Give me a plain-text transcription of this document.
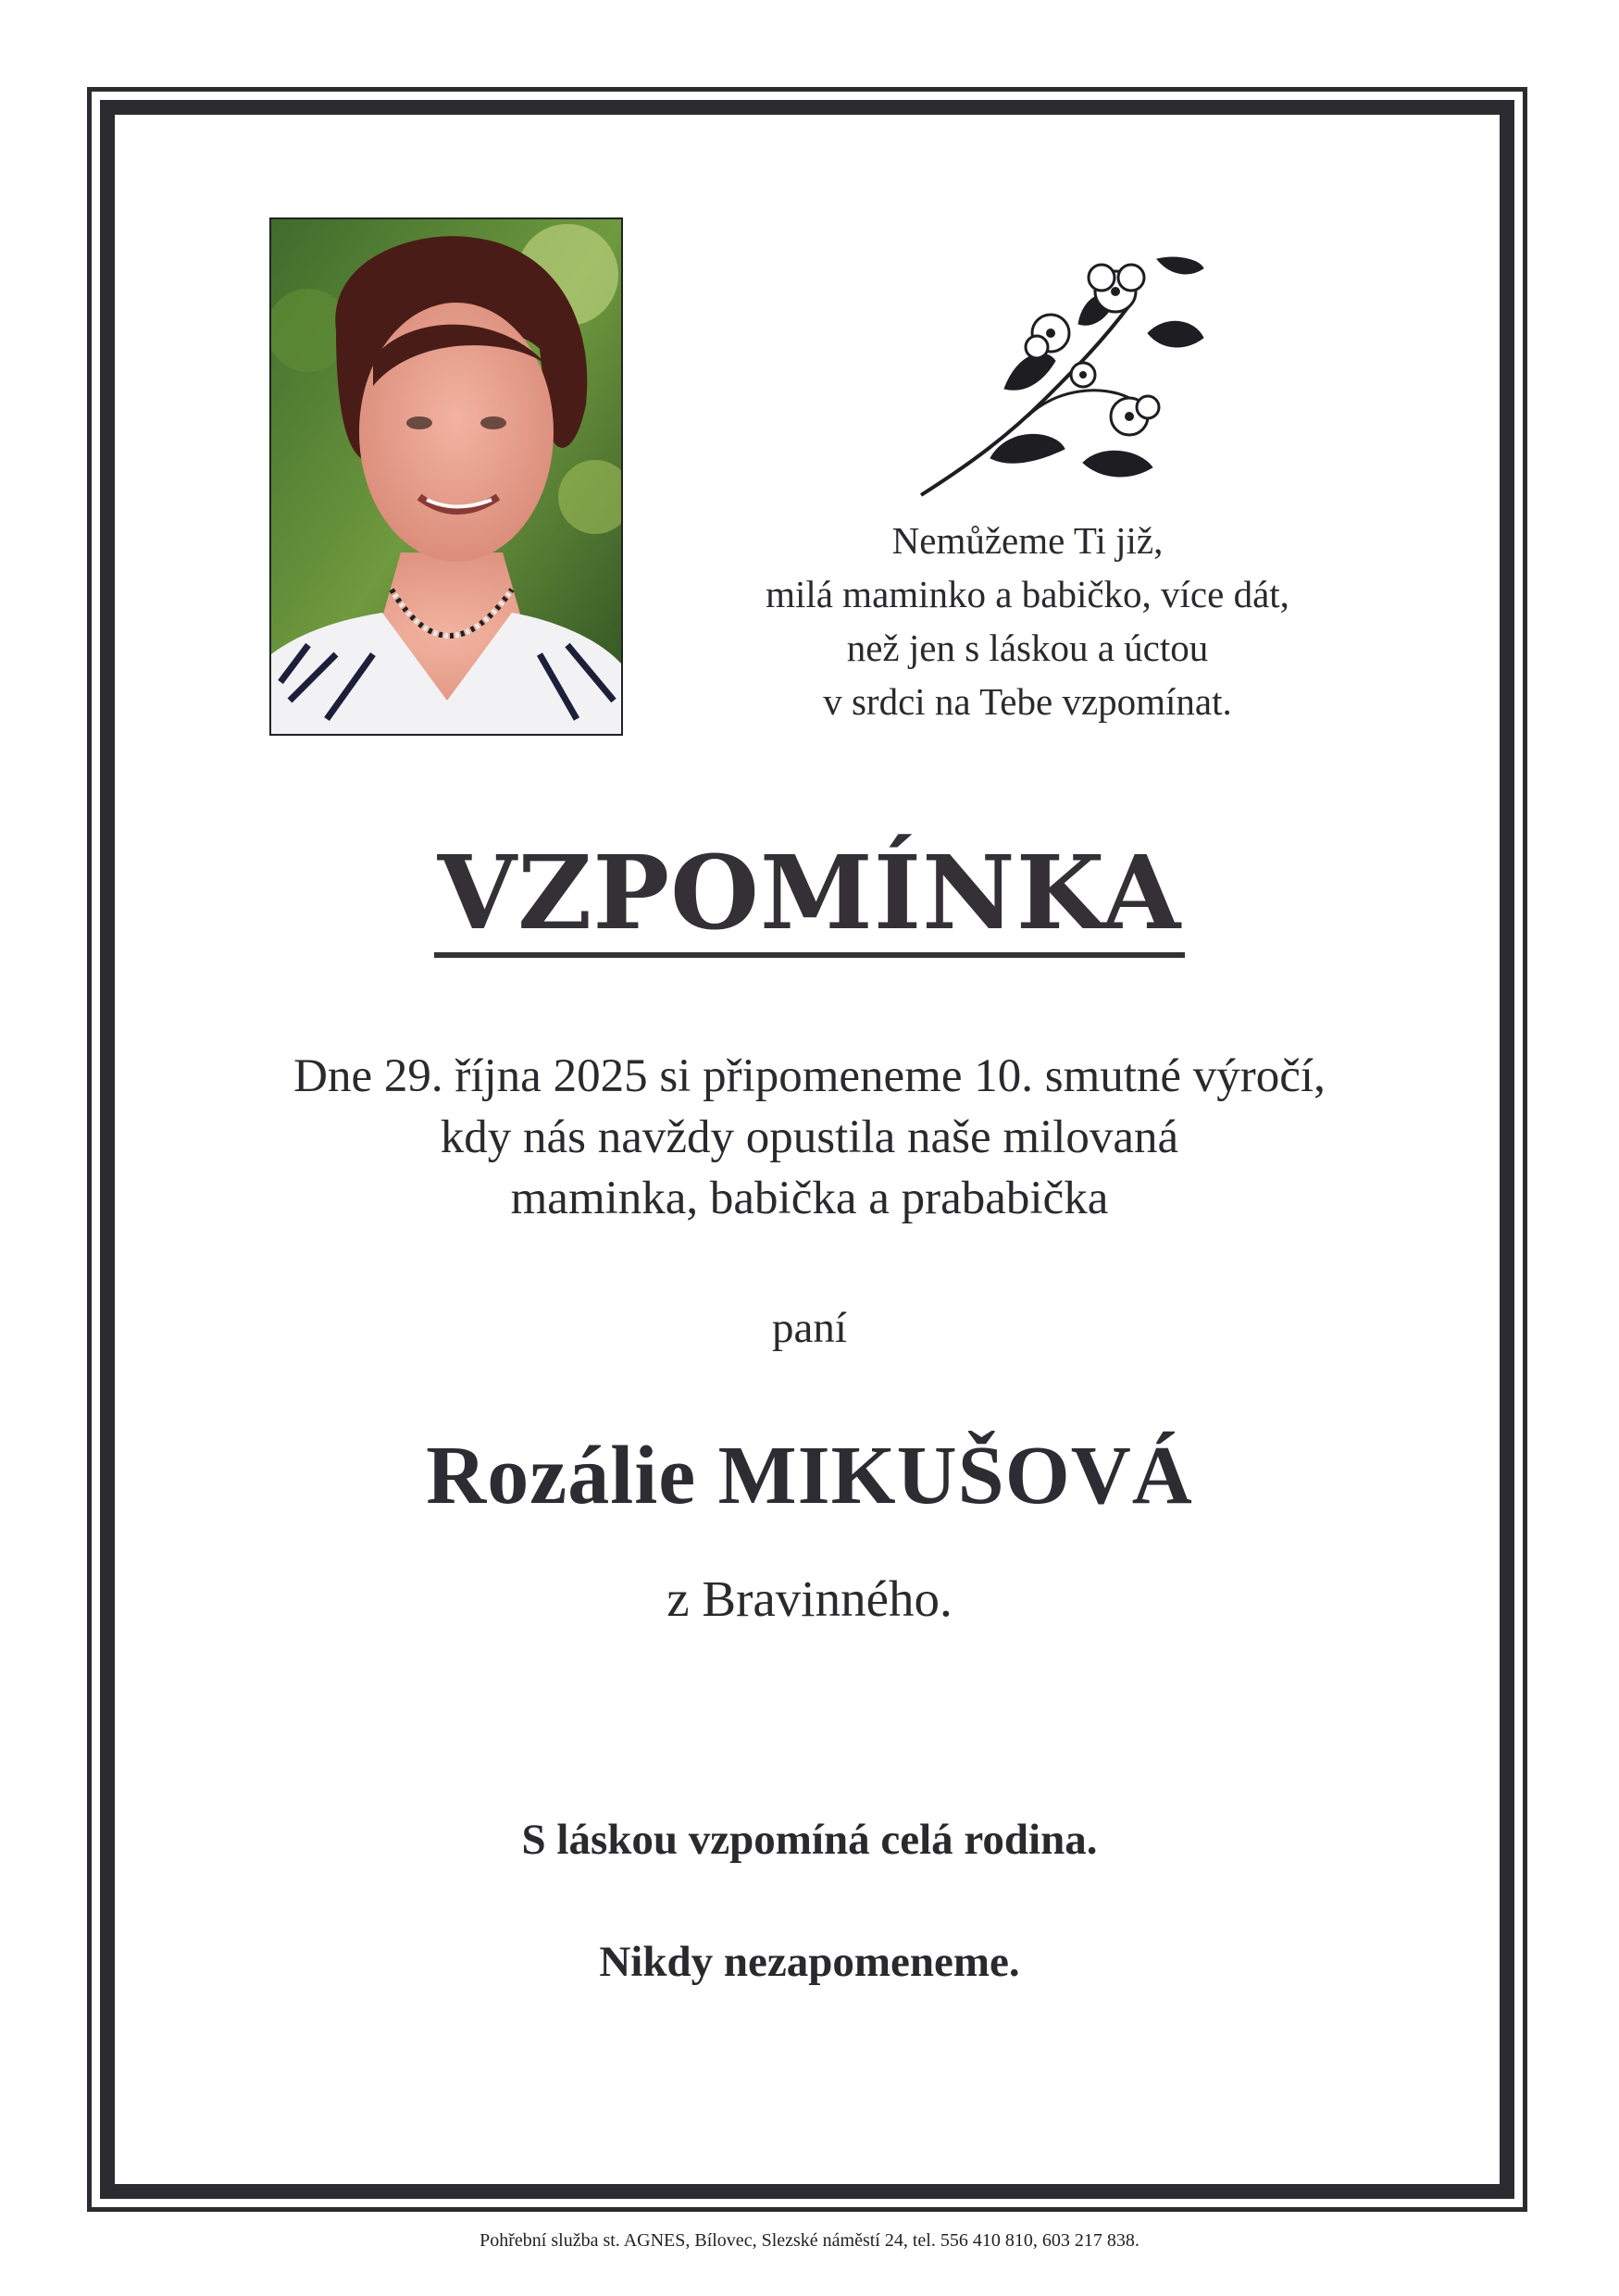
Nemůžeme Ti již,
milá maminko a babičko, více dát,
než jen s láskou a úctou
v srdci na Tebe vzpomínat.
VZPOMÍNKA
Dne 29. října 2025 si připomeneme 10. smutné výročí,
kdy nás navždy opustila naše milovaná
maminka, babička a prababička
paní
Rozálie MIKUŠOVÁ
z Bravinného.
S láskou vzpomíná celá rodina.
Nikdy nezapomeneme.
Pohřební služba st. AGNES, Bílovec, Slezské náměstí 24, tel. 556 410 810, 603 217 838.
